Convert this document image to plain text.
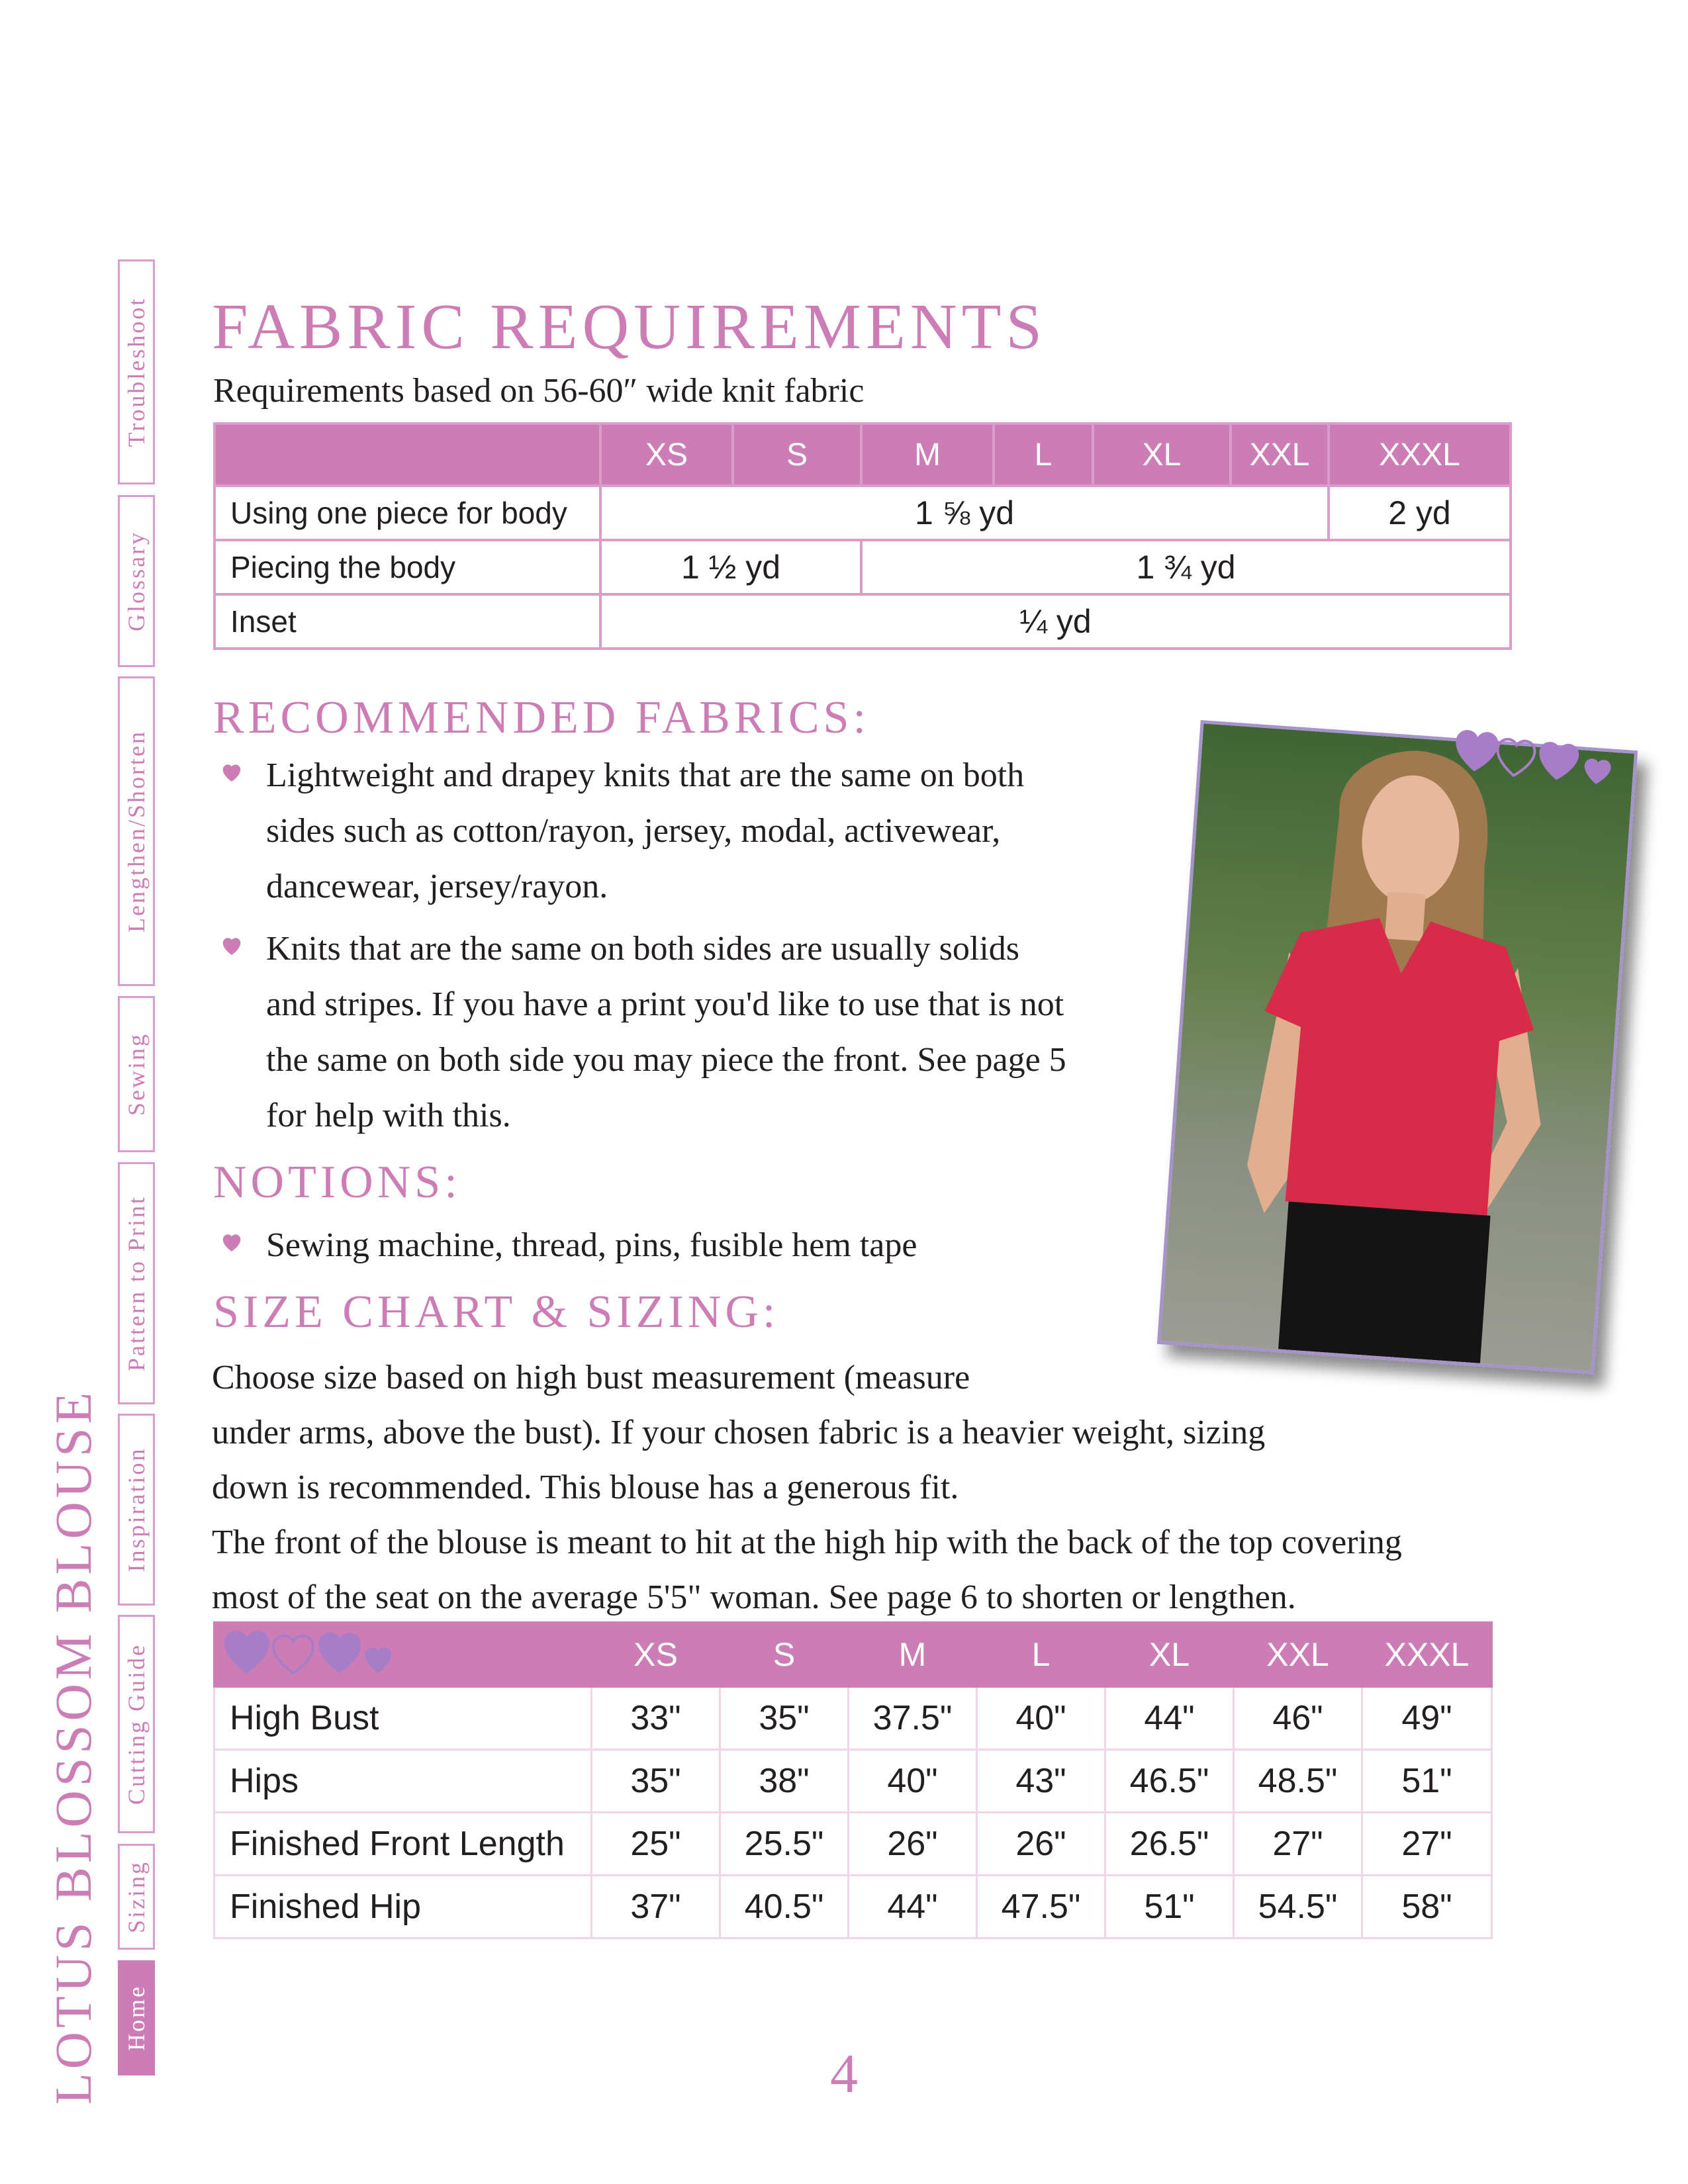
LOTUS BLOSSOM BLOUSE Home
Sizing
Cutting Guide
Inspiration
Pattern to Print
Sewing
Lengthen/Shorten
Glossary
Troubleshoot FABRIC REQUIREMENTS
Requirements based on 56-60″ wide knit fabric
	XS	S	M	L	XL	XXL	XXXL
Using one piece for body	1 ⅝ yd						2 yd
Piecing the body	1 ½ yd		1 ¾ yd				
Inset	¼ yd						
RECOMMENDED FABRICS:
Lightweight and drapey knits that are the same on both
sides such as cotton/rayon, jersey, modal, activewear,
dancewear, jersey/rayon.
Knits that are the same on both sides are usually solids
and stripes. If you have a print you'd like to use that is not
the same on both side you may piece the front. See page 5
for help with this.
NOTIONS:
Sewing machine, thread, pins, fusible hem tape
SIZE CHART & SIZING:
Choose size based on high bust measurement (measure
under arms, above the bust). If your chosen fabric is a heavier weight, sizing
down is recommended. This blouse has a generous fit.
The front of the blouse is meant to hit at the high hip with the back of the top covering
most of the seat on the average 5'5" woman. See page 6 to shorten or lengthen.
	XS	S	M	L	XL	XXL	XXXL
High Bust	33"	35"	37.5"	40"	44"	46"	49"
Hips	35"	38"	40"	43"	46.5"	48.5"	51"
Finished Front Length	25"	25.5"	26"	26"	26.5"	27"	27"
Finished Hip	37"	40.5"	44"	47.5"	51"	54.5"	58"
4
